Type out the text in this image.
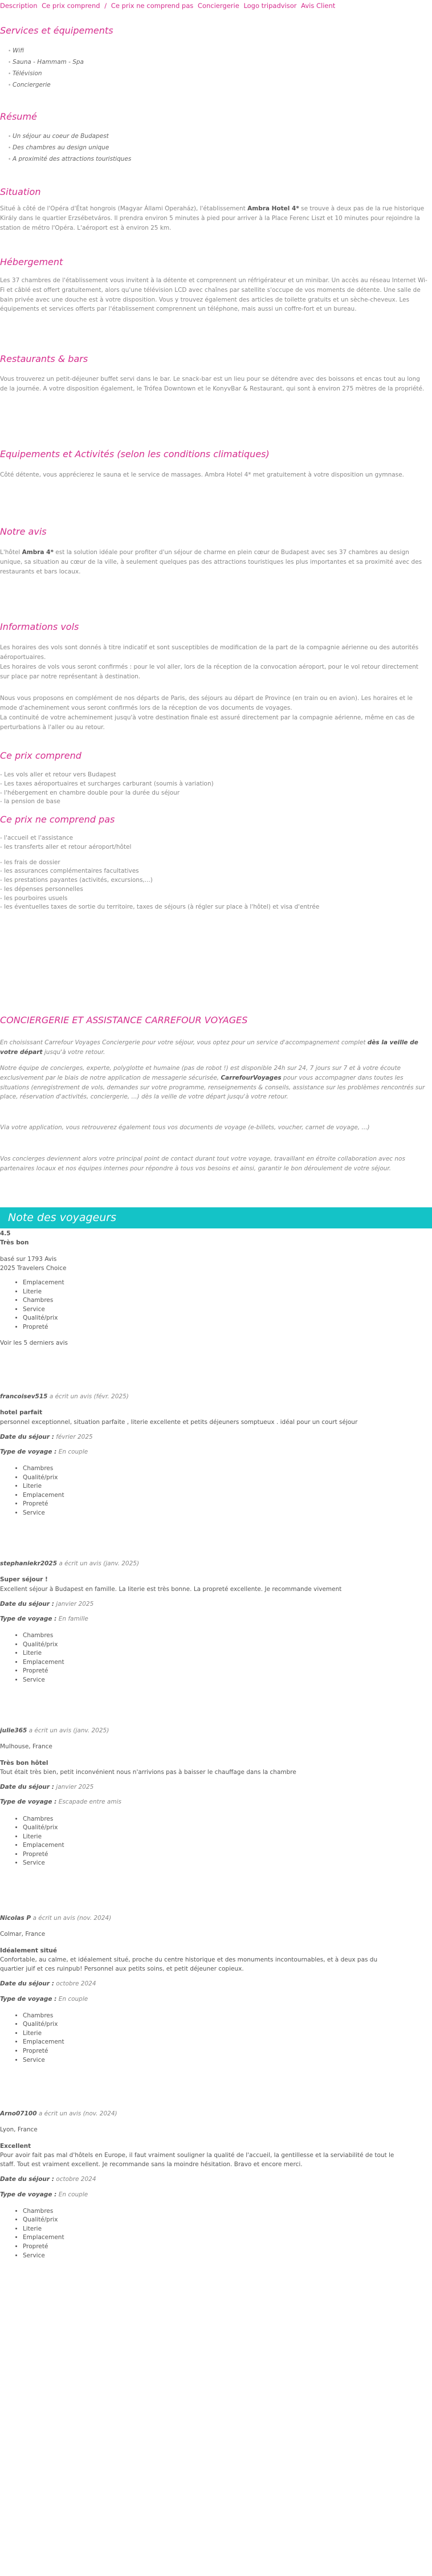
Description Ce prix comprend / Ce prix ne comprend pas Conciergerie Logo tripadvisor Avis Client
Services et équipements
• Wifi
• Sauna - Hammam - Spa
• Télévision
• Conciergerie
Résumé
• Un séjour au coeur de Budapest
• Des chambres au design unique
• A proximité des attractions touristiques
Situation

Situé à côté de l'Opéra d'État hongrois (Magyar Állami Operaház), l'établissement Ambra Hotel 4* se trouve à deux pas de la rue historique Király dans le quartier Erzsébetváros. Il prendra environ 5 minutes à pied pour arriver à la Place Ferenc Liszt et 10 minutes pour rejoindre la station de métro l'Opéra. L'aéroport est à environ 25 km.

Hébergement

Les 37 chambres de l'établissement vous invitent à la détente et comprennent un réfrigérateur et un minibar. Un accès au réseau Internet Wi-Fi et câblé est offert gratuitement, alors qu'une télévision LCD avec chaînes par satellite s'occupe de vos moments de détente. Une salle de bain privée avec une douche est à votre disposition. Vous y trouvez également des articles de toilette gratuits et un sèche-cheveux. Les équipements et services offerts par l'établissement comprennent un téléphone, mais aussi un coffre-fort et un bureau.

Restaurants & bars

Vous trouverez un petit-déjeuner buffet servi dans le bar. Le snack-bar est un lieu pour se détendre avec des boissons et encas tout au long de la journée. A votre disposition également, le Trófea Downtown et le KonyvBar & Restaurant, qui sont à environ 275 mètres de la propriété.

Equipements et Activités (selon les conditions climatiques)

Côté détente, vous apprécierez le sauna et le service de massages. Ambra Hotel 4* met gratuitement à votre disposition un gymnase.

Notre avis

L'hôtel Ambra 4* est la solution idéale pour profiter d'un séjour de charme en plein cœur de Budapest avec ses 37 chambres au design unique, sa situation au cœur de la ville, à seulement quelques pas des attractions touristiques les plus importantes et sa proximité avec des restaurants et bars locaux.

Informations vols

Les horaires des vols sont donnés à titre indicatif et sont susceptibles de modification de la part de la compagnie aérienne ou des autorités aéroportuaires.

Les horaires de vols vous seront confirmés : pour le vol aller, lors de la réception de la convocation aéroport, pour le vol retour directement sur place par notre représentant à destination.

Nous vous proposons en complément de nos départs de Paris, des séjours au départ de Province (en train ou en avion). Les horaires et le mode d'acheminement vous seront confirmés lors de la réception de vos documents de voyages.

La continuité de votre acheminement jusqu'à votre destination finale est assuré directement par la compagnie aérienne, même en cas de perturbations à l'aller ou au retour.

Ce prix comprend

- Les vols aller et retour vers Budapest

- Les taxes aéroportuaires et surcharges carburant (soumis à variation)

- l'hébergement en chambre double pour la durée du séjour

- la pension de base

Ce prix ne comprend pas

- l'accueil et l'assistance

- les transferts aller et retour aéroport/hôtel

- les frais de dossier

- les assurances complémentaires facultatives

- les prestations payantes (activités, excursions,...)

- les dépenses personnelles

- les pourboires usuels

- les éventuelles taxes de sortie du territoire, taxes de séjours (à régler sur place à l'hôtel) et visa d'entrée

CONCIERGERIE ET ASSISTANCE CARREFOUR VOYAGES

En choisissant Carrefour Voyages Conciergerie pour votre séjour, vous optez pour un service d'accompagnement complet dès la veille de votre départ jusqu'à votre retour.

Notre équipe de concierges, experte, polyglotte et humaine (pas de robot !) est disponible 24h sur 24, 7 jours sur 7 et à votre écoute exclusivement par le biais de notre application de messagerie sécurisée, CarrefourVoyages pour vous accompagner dans toutes les situations (enregistrement de vols, demandes sur votre programme, renseignements & conseils, assistance sur les problèmes rencontrés sur place, réservation d'activités, conciergerie, ...) dès la veille de votre départ jusqu'à votre retour.

Via votre application, vous retrouverez également tous vos documents de voyage (e-billets, voucher, carnet de voyage, ...)

Vos concierges deviennent alors votre principal point de contact durant tout votre voyage, travaillant en étroite collaboration avec nos partenaires locaux et nos équipes internes pour répondre à tous vos besoins et ainsi, garantir le bon déroulement de votre séjour.

Note des voyageurs
4.5
Très bon
basé sur 1793 Avis
2025 Travelers Choice
• Emplacement
• Literie
• Chambres
• Service
• Qualité/prix
• Propreté
Voir les 5 derniers avis
francoisev515 a écrit un avis (févr. 2025)
hotel parfait
personnel exceptionnel, situation parfaite , literie excellente et petits déjeuners somptueux . idéal pour un court séjour
Date du séjour : février 2025
Type de voyage : En couple
• Chambres
• Qualité/prix
• Literie
• Emplacement
• Propreté
• Service
stephaniekr2025 a écrit un avis (janv. 2025)
Super séjour !
Excellent séjour à Budapest en famille. La literie est très bonne. La propreté excellente. Je recommande vivement
Date du séjour : janvier 2025
Type de voyage : En famille
• Chambres
• Qualité/prix
• Literie
• Emplacement
• Propreté
• Service
julie365 a écrit un avis (janv. 2025)
Mulhouse, France
Très bon hôtel
Tout était très bien, petit inconvénient nous n'arrivions pas à baisser le chauffage dans la chambre
Date du séjour : janvier 2025
Type de voyage : Escapade entre amis
• Chambres
• Qualité/prix
• Literie
• Emplacement
• Propreté
• Service
Nicolas P a écrit un avis (nov. 2024)
Colmar, France
Idéalement situé
Confortable, au calme, et idéalement situé, proche du centre historique et des monuments incontournables, et à deux pas du quartier juif et ces ruinpub! Personnel aux petits soins, et petit déjeuner copieux.
Date du séjour : octobre 2024
Type de voyage : En couple
• Chambres
• Qualité/prix
• Literie
• Emplacement
• Propreté
• Service
Arno07100 a écrit un avis (nov. 2024)
Lyon, France
Excellent
Pour avoir fait pas mal d'hôtels en Europe, il faut vraiment souligner la qualité de l'accueil, la gentillesse et la serviabilité de tout le staff. Tout est vraiment excellent. Je recommande sans la moindre hésitation. Bravo et encore merci.
Date du séjour : octobre 2024
Type de voyage : En couple
• Chambres
• Qualité/prix
• Literie
• Emplacement
• Propreté
• Service
